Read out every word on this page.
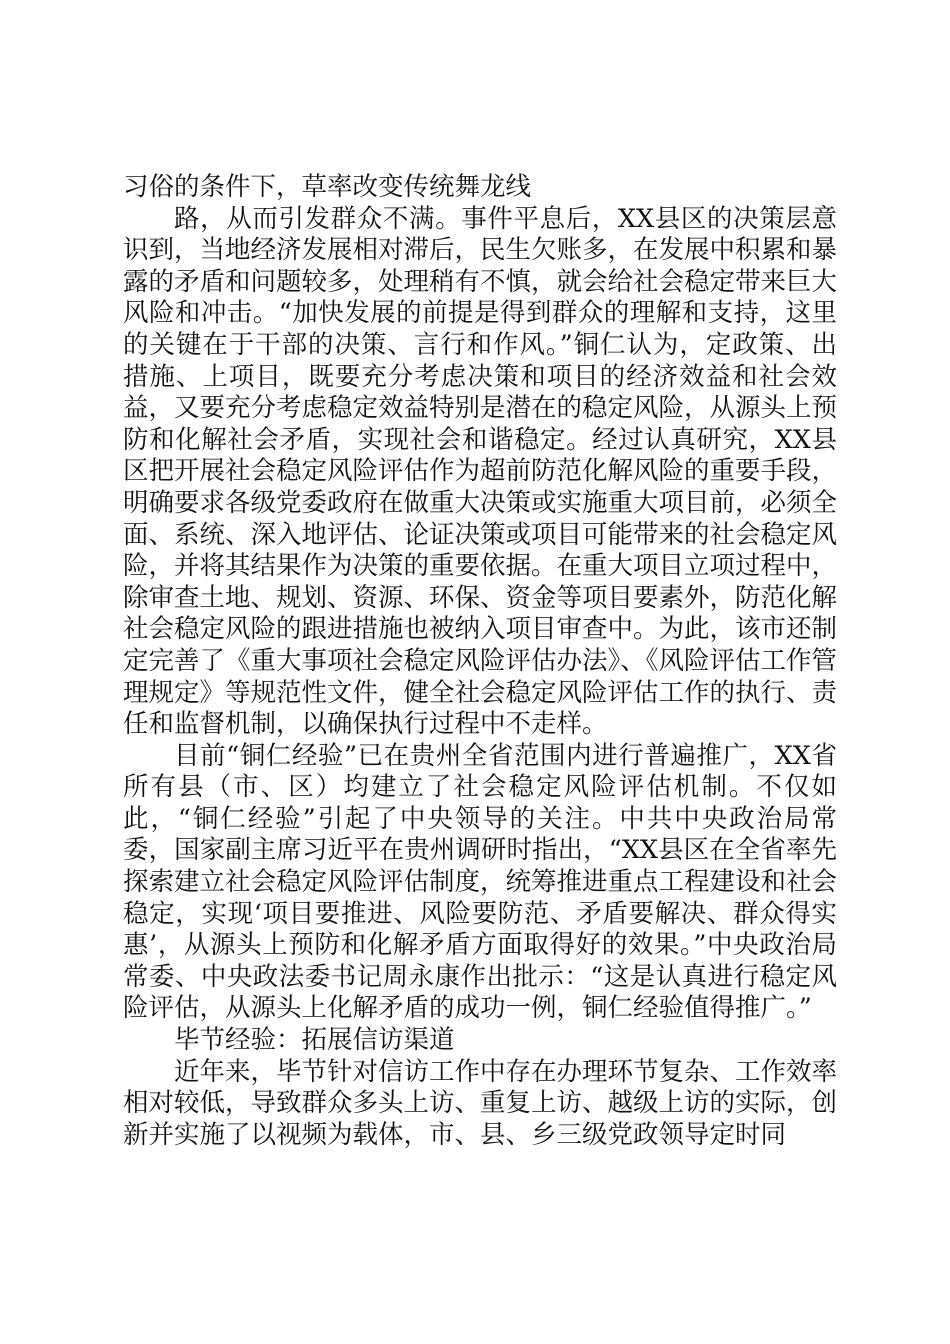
习俗的条件下，草率改变传统舞龙线

路，从而引发群众不满。事件平息后，XX县区的决策层意识到，当地经济发展相对滞后，民生欠账多，在发展中积累和暴露的矛盾和问题较多，处理稍有不慎，就会给社会稳定带来巨大风险和冲击。“加快发展的前提是得到群众的理解和支持，这里的关键在于干部的决策、言行和作风。”铜仁认为，定政策、出措施、上项目，既要充分考虑决策和项目的经济效益和社会效益，又要充分考虑稳定效益特别是潜在的稳定风险，从源头上预防和化解社会矛盾，实现社会和谐稳定。经过认真研究，XX县区把开展社会稳定风险评估作为超前防范化解风险的重要手段，明确要求各级党委政府在做重大决策或实施重大项目前，必须全面、系统、深入地评估、论证决策或项目可能带来的社会稳定风险，并将其结果作为决策的重要依据。在重大项目立项过程中，除审查土地、规划、资源、环保、资金等项目要素外，防范化解社会稳定风险的跟进措施也被纳入项目审查中。为此，该市还制定完善了《重大事项社会稳定风险评估办法》、《风险评估工作管理规定》等规范性文件，健全社会稳定风险评估工作的执行、责任和监督机制，以确保执行过程中不走样。

目前“铜仁经验”已在贵州全省范围内进行普遍推广，XX省所有县（市、区）均建立了社会稳定风险评估机制。不仅如此，“铜仁经验”引起了中央领导的关注。中共中央政治局常委，国家副主席习近平在贵州调研时指出，“XX县区在全省率先探索建立社会稳定风险评估制度，统筹推进重点工程建设和社会稳定，实现‘项目要推进、风险要防范、矛盾要解决、群众得实惠’，从源头上预防和化解矛盾方面取得好的效果。”中央政治局常委、中央政法委书记周永康作出批示：“这是认真进行稳定风险评估，从源头上化解矛盾的成功一例，铜仁经验值得推广。”

毕节经验：拓展信访渠道

近年来，毕节针对信访工作中存在办理环节复杂、工作效率相对较低，导致群众多头上访、重复上访、越级上访的实际，创新并实施了以视频为载体，市、县、乡三级党政领导定时同
